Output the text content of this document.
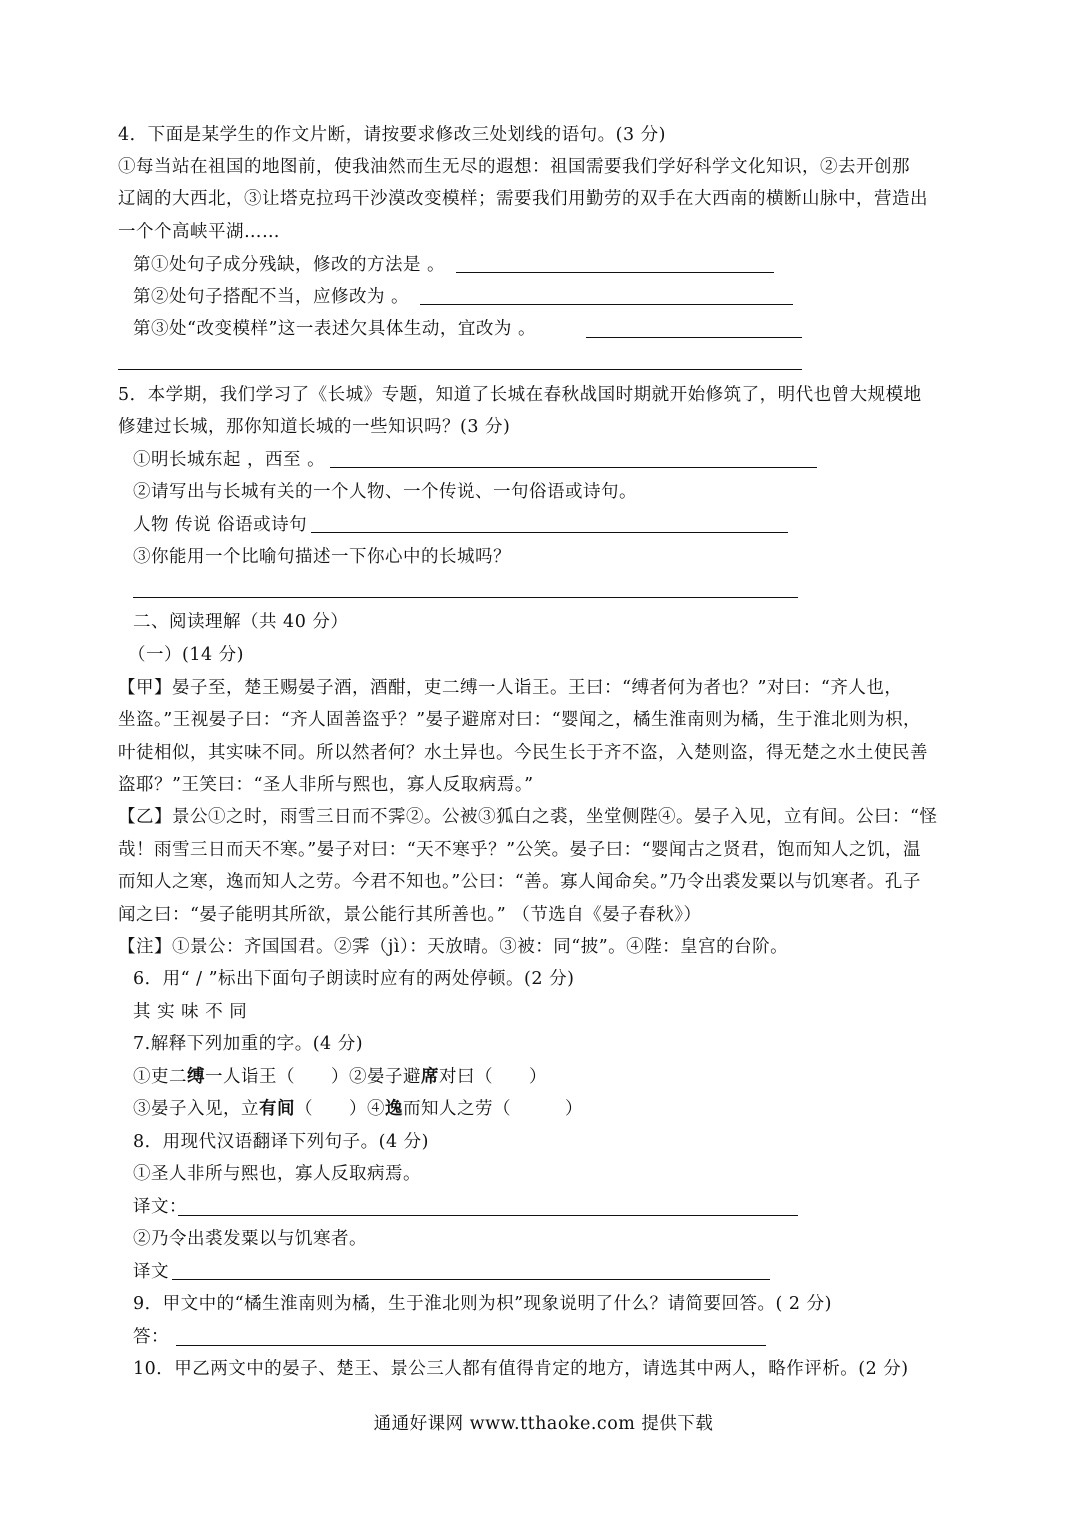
4．下面是某学生的作文片断，请按要求修改三处划线的语句。(3 分)
①每当站在祖国的地图前，使我油然而生无尽的遐想：祖国需要我们学好科学文化知识，②去开创那
辽阔的大西北，③让塔克拉玛干沙漠改变模样；需要我们用勤劳的双手在大西南的横断山脉中，营造出
一个个高峡平湖……
第①处句子成分残缺，修改的方法是 。
第②处句子搭配不当，应修改为 。
第③处“改变模样”这一表述欠具体生动，宜改为 。
5．本学期，我们学习了《长城》专题，知道了长城在春秋战国时期就开始修筑了，明代也曾大规模地
修建过长城，那你知道长城的一些知识吗？(3 分)
①明长城东起 ，西至 。
②请写出与长城有关的一个人物、一个传说、一句俗语或诗句。
人物 传说 俗语或诗句
③你能用一个比喻句描述一下你心中的长城吗？
二、阅读理解（共 40 分）
（一）(14 分)
【甲】晏子至，楚王赐晏子酒，酒酣，吏二缚一人诣王。王曰：“缚者何为者也？”对曰：“齐人也，
坐盗。”王视晏子曰：“齐人固善盗乎？”晏子避席对曰：“婴闻之，橘生淮南则为橘，生于淮北则为枳，
叶徒相似，其实味不同。所以然者何？水土异也。今民生长于齐不盗，入楚则盗，得无楚之水土使民善
盗耶？”王笑曰：“圣人非所与熙也，寡人反取病焉。”
【乙】景公①之时，雨雪三日而不霁②。公被③狐白之裘，坐堂侧陛④。晏子入见，立有间。公曰：“怪
哉！雨雪三日而天不寒。”晏子对曰：“天不寒乎？”公笑。晏子曰：“婴闻古之贤君，饱而知人之饥，温
而知人之寒，逸而知人之劳。今君不知也。”公曰：“善。寡人闻命矣。”乃令出裘发粟以与饥寒者。孔子
闻之曰：“晏子能明其所欲，景公能行其所善也。” （节选自《晏子春秋》）
【注】①景公：齐国国君。②霁（jì）：天放晴。③被：同“披”。④陛：皇宫的台阶。
6．用“ / ”标出下面句子朗读时应有的两处停顿。(2 分)
其 实 味 不 同
7.解释下列加重的字。(4 分)
①吏二缚一人诣王（　　）②晏子避席对曰（　　）
③晏子入见，立有间（　　）④逸而知人之劳（　　　）
8．用现代汉语翻译下列句子。(4 分)
①圣人非所与熙也，寡人反取病焉。
译文：
②乃令出裘发粟以与饥寒者。
译文
9．甲文中的“橘生淮南则为橘，生于淮北则为枳”现象说明了什么？请简要回答。( 2 分)
答：
10．甲乙两文中的晏子、楚王、景公三人都有值得肯定的地方，请选其中两人，略作评析。(2 分)
通通好课网 www.tthaoke.com 提供下载
